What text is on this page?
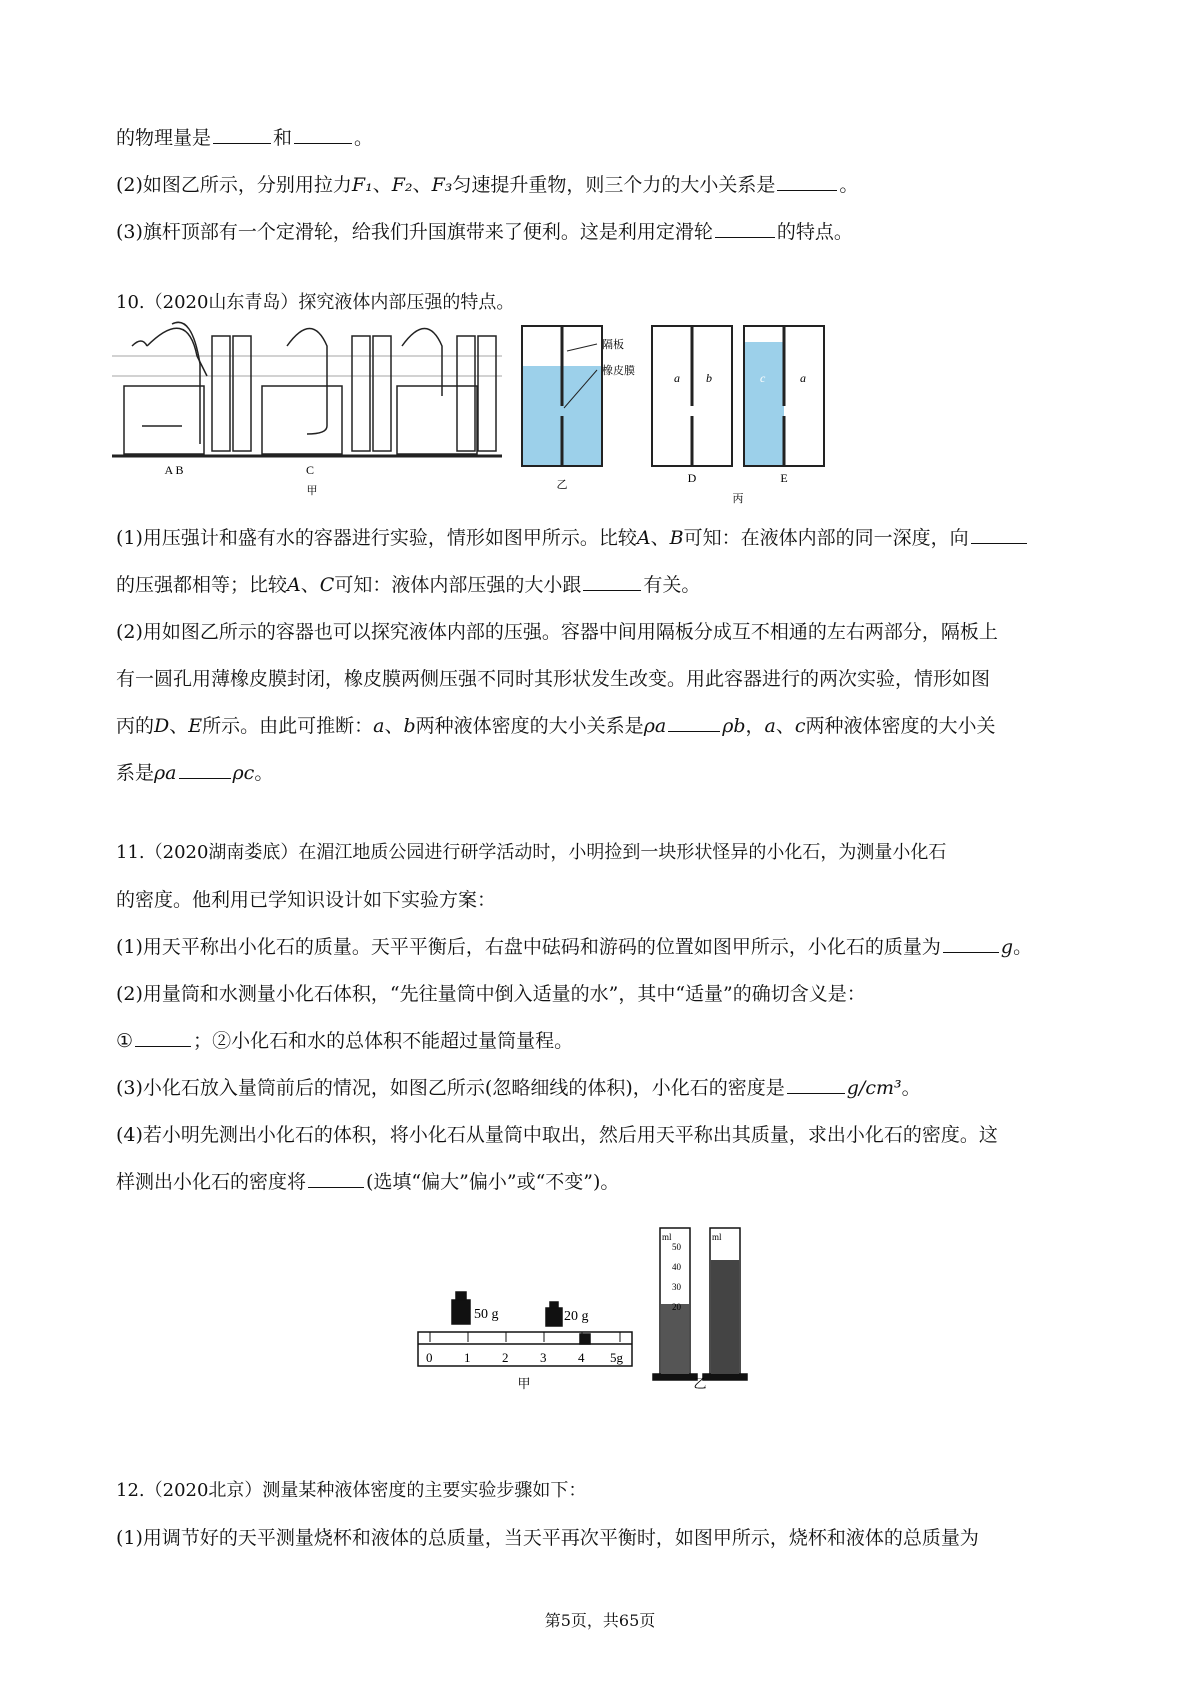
的物理量是	和	。
(2)如图乙所示，分别用拉力F₁、F₂、F₃匀速提升重物，则三个力的大小关系是	。
(3)旗杆顶部有一个定滑轮，给我们升国旗带来了便利。这是利用定滑轮	的特点。
10.（2020山东青岛）探究液体内部压强的特点。
A B	C
甲
隔板
橡皮膜
乙
a b	c	a
D	E
丙
(1)用压强计和盛有水的容器进行实验，情形如图甲所示。比较A、B可知：在液体内部的同一深度，向
的压强都相等；比较A、C可知：液体内部压强的大小跟	有关。
(2)用如图乙所示的容器也可以探究液体内部的压强。容器中间用隔板分成互不相通的左右两部分，隔板上
有一圆孔用薄橡皮膜封闭，橡皮膜两侧压强不同时其形状发生改变。用此容器进行的两次实验，情形如图
丙的D、E所示。由此可推断：a、b两种液体密度的大小关系是ρa	ρb，a、c两种液体密度的大小关
系是ρa	ρc。
11.（2020湖南娄底）在湄江地质公园进行研学活动时，小明捡到一块形状怪异的小化石，为测量小化石
的密度。他利用已学知识设计如下实验方案：
(1)用天平称出小化石的质量。天平平衡后，右盘中砝码和游码的位置如图甲所示，小化石的质量为	g。
(2)用量筒和水测量小化石体积，“先往量筒中倒入适量的水”，其中“适量”的确切含义是：
①	；②小化石和水的总体积不能超过量筒量程。
(3)小化石放入量筒前后的情况，如图乙所示(忽略细线的体积)，小化石的密度是	g/cm³。
(4)若小明先测出小化石的体积，将小化石从量筒中取出，然后用天平称出其质量，求出小化石的密度。这
样测出小化石的密度将	(选填“偏大”偏小”或“不变”)。
50 g	20 g
0 1 2 3 4 5g
甲
ml	ml
50
40
30
20
乙
12.（2020北京）测量某种液体密度的主要实验步骤如下：
(1)用调节好的天平测量烧杯和液体的总质量，当天平再次平衡时，如图甲所示，烧杯和液体的总质量为
第5页，共65页
